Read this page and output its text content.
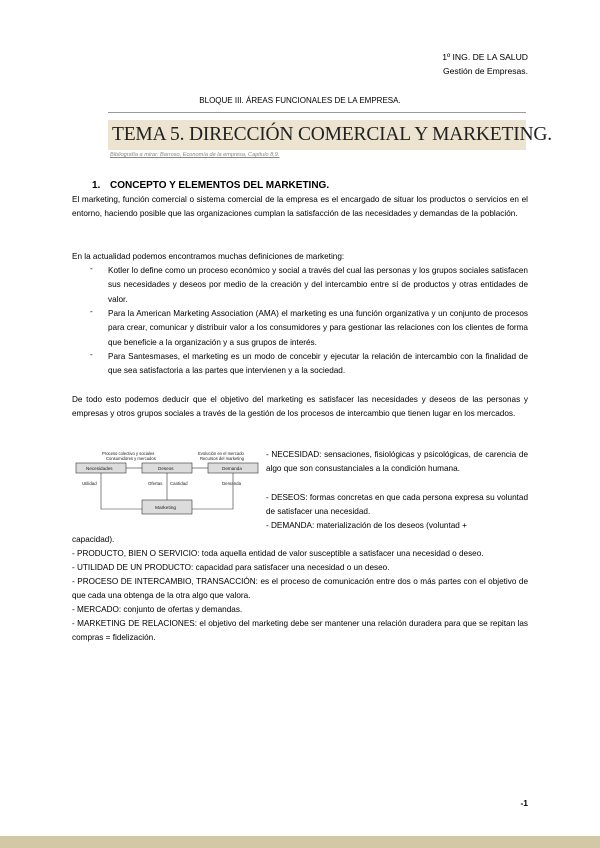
1º ING. DE LA SALUD
Gestión de Empresas.
BLOQUE III. ÁREAS FUNCIONALES DE LA EMPRESA.
TEMA 5. DIRECCIÓN COMERCIAL Y MARKETING.
Bibliografía a mirar: Barroso, Economía de la empresa, Capitulo 8,9.
1. CONCEPTO Y ELEMENTOS DEL MARKETING.
El marketing, función comercial o sistema comercial de la empresa es el encargado de situar los productos o servicios en el entorno, haciendo posible que las organizaciones cumplan la satisfacción de las necesidades y demandas de la población.
En la actualidad podemos encontramos muchas definiciones de marketing:
- Kotler lo define como un proceso económico y social a través del cual las personas y los grupos sociales satisfacen sus necesidades y deseos por medio de la creación y del intercambio entre sí de productos y otras entidades de valor.
- Para la American Marketing Association (AMA) el marketing es una función organizativa y un conjunto de procesos para crear, comunicar y distribuir valor a los consumidores y para gestionar las relaciones con los clientes de forma que beneficie a la organización y a sus grupos de interés.
- Para Santesmases, el marketing es un modo de concebir y ejecutar la relación de intercambio con la finalidad de que sea satisfactoria a las partes que intervienen y a la sociedad.
De todo esto podemos deducir que el objetivo del marketing es satisfacer las necesidades y deseos de las personas y empresas y otros grupos sociales a través de la gestión de los procesos de intercambio que tienen lugar en los mercados.
Proceso colectivo y sociales
Consumidores y mercados
Evolución en el mercado
Recursos del marketing
Necesidades	Deseos	Demanda
Utilidad	Ofertas Cantidad	Demanda
Marketing
- NECESIDAD: sensaciones, fisiológicas y psicológicas, de carencia de algo que son consustanciales a la condición humana.
- DESEOS: formas concretas en que cada persona expresa su voluntad de satisfacer una necesidad.
- DEMANDA: materialización de los deseos (voluntad +
capacidad).
- PRODUCTO, BIEN O SERVICIO: toda aquella entidad de valor susceptible a satisfacer una necesidad o deseo.
- UTILIDAD DE UN PRODUCTO: capacidad para satisfacer una necesidad o un deseo.
- PROCESO DE INTERCAMBIO, TRANSACCIÓN: es el proceso de comunicación entre dos o más partes con el objetivo de que cada una obtenga de la otra algo que valora.
- MERCADO: conjunto de ofertas y demandas.
- MARKETING DE RELACIONES: el objetivo del marketing debe ser mantener una relación duradera para que se repitan las compras = fidelización.
-1
